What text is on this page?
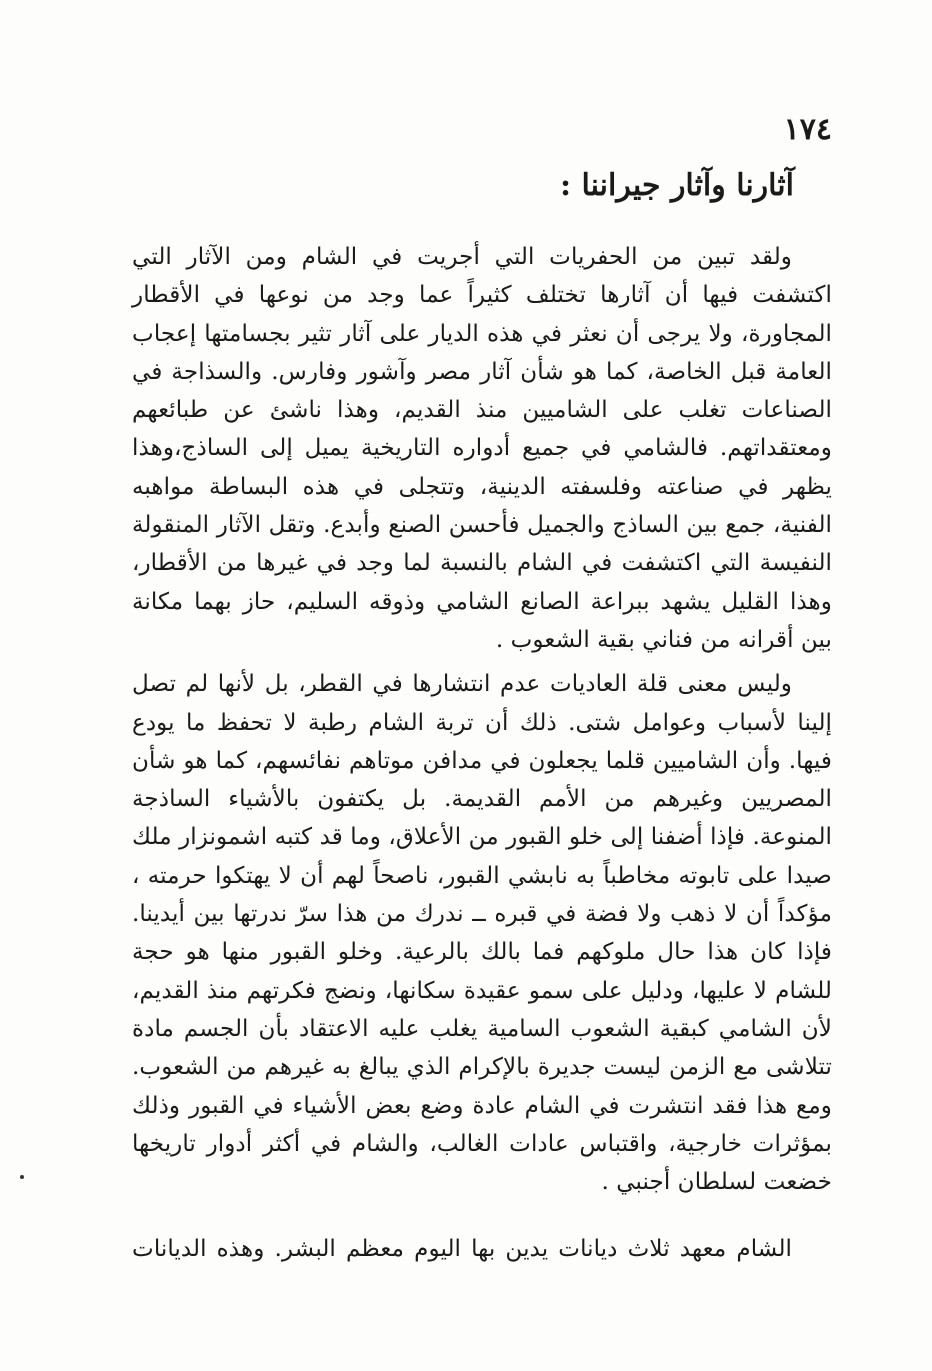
١٧٤
آثارنا وآثار جيراننا :

ولقد تبين من الحفريات التي أجريت في الشام ومن الآثار التي اكتشفت فيها أن آثارها تختلف كثيراً عما وجد من نوعها في الأقطار المجاورة، ولا يرجى أن نعثر في هذه الديار على آثار تثير بجسامتها إعجاب العامة قبل الخاصة، كما هو شأن آثار مصر وآشور وفارس. والسذاجة في الصناعات تغلب على الشاميين منذ القديم، وهذا ناشئ عن طبائعهم ومعتقداتهم. فالشامي في جميع أدواره التاريخية يميل إلى الساذج،وهذا يظهر في صناعته وفلسفته الدينية، وتتجلى في هذه البساطة مواهبه الفنية، جمع بين الساذج والجميل فأحسن الصنع وأبدع. وتقل الآثار المنقولة النفيسة التي اكتشفت في الشام بالنسبة لما وجد في غيرها من الأقطار، وهذا القليل يشهد ببراعة الصانع الشامي وذوقه السليم، حاز بهما مكانة بين أقرانه من فناني بقية الشعوب .

وليس معنى قلة العاديات عدم انتشارها في القطر، بل لأنها لم تصل إلينا لأسباب وعوامل شتى. ذلك أن تربة الشام رطبة لا تحفظ ما يودع فيها. وأن الشاميين قلما يجعلون في مدافن موتاهم نفائسهم، كما هو شأن المصريين وغيرهم من الأمم القديمة. بل يكتفون بالأشياء الساذجة المنوعة. فإذا أضفنا إلى خلو القبور من الأعلاق، وما قد كتبه اشمونزار ملك صيدا على تابوته مخاطباً به نابشي القبور، ناصحاً لهم أن لا يهتكوا حرمته ، مؤكداً أن لا ذهب ولا فضة في قبره ــ ندرك من هذا سرّ ندرتها بين أيدينا. فإذا كان هذا حال ملوكهم فما بالك بالرعية. وخلو القبور منها هو حجة للشام لا عليها، ودليل على سمو عقيدة سكانها، ونضج فكرتهم منذ القديم، لأن الشامي كبقية الشعوب السامية يغلب عليه الاعتقاد بأن الجسم مادة تتلاشى مع الزمن ليست جديرة بالإكرام الذي يبالغ به غيرهم من الشعوب. ومع هذا فقد انتشرت في الشام عادة وضع بعض الأشياء في القبور وذلك بمؤثرات خارجية، واقتباس عادات الغالب، والشام في أكثر أدوار تاريخها خضعت لسلطان أجنبي .

الشام معهد ثلاث ديانات يدين بها اليوم معظم البشر. وهذه الديانات
